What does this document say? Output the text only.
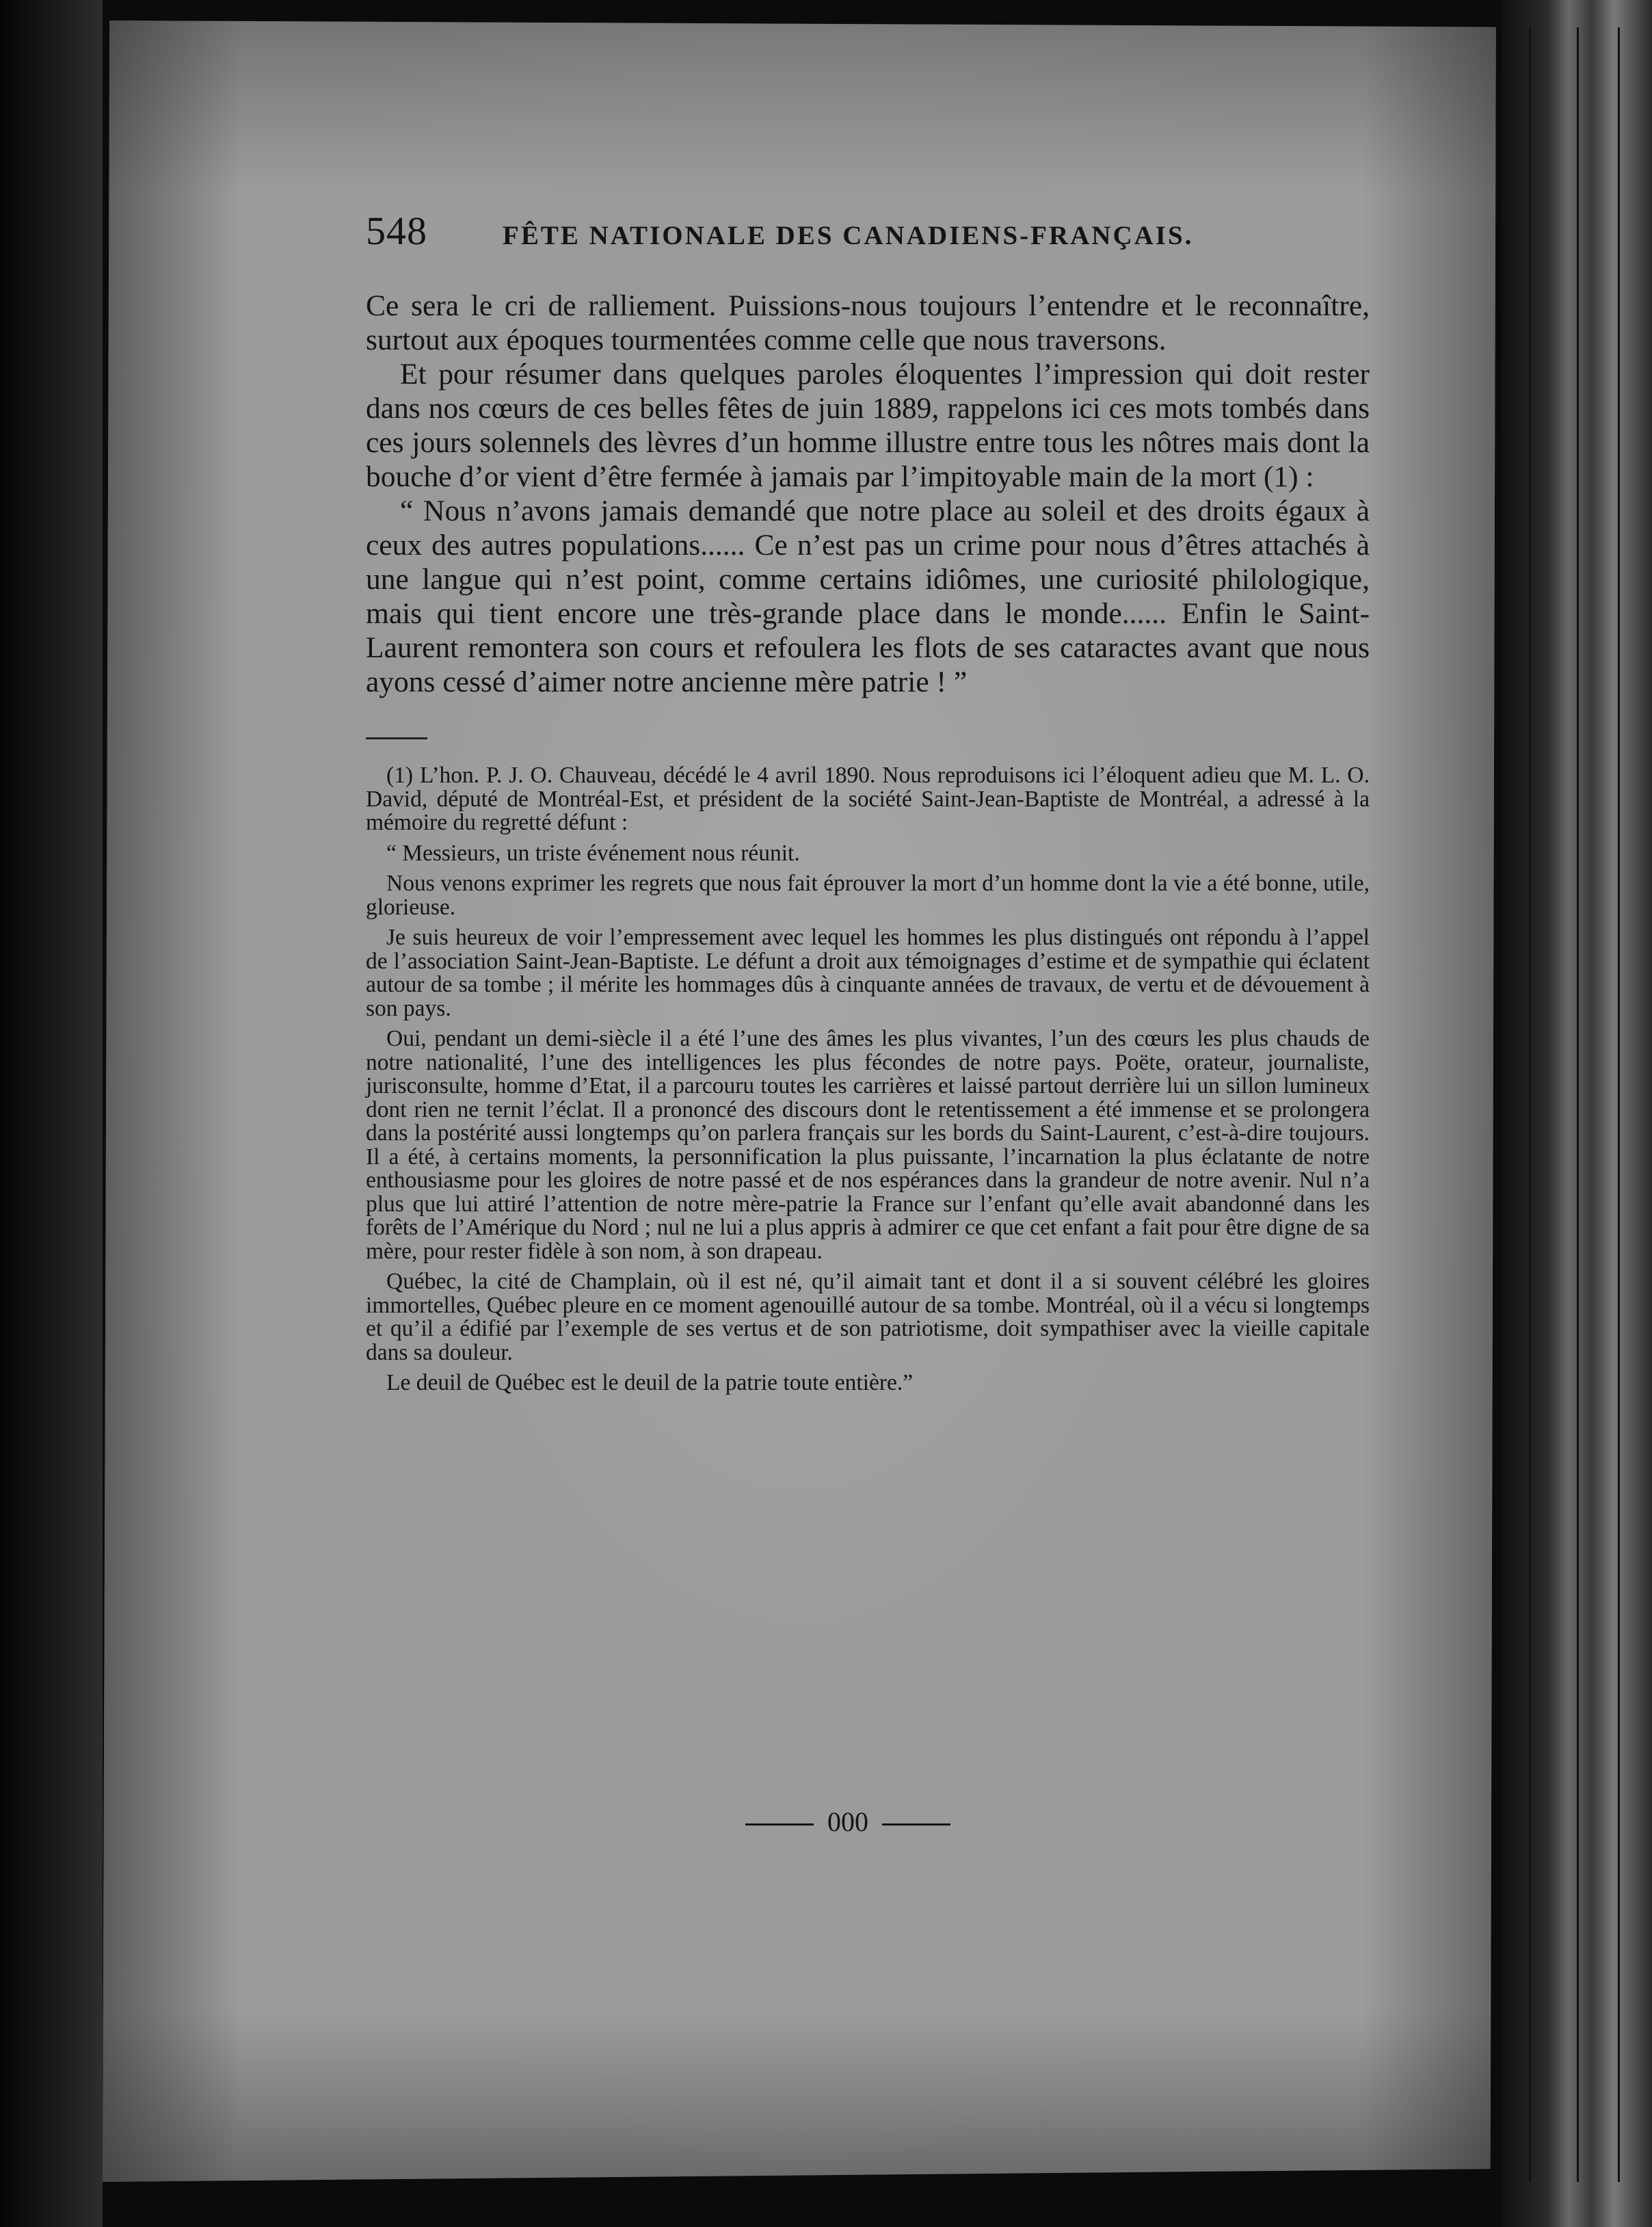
548	FÊTE NATIONALE DES CANADIENS-FRANÇAIS.

Ce sera le cri de ralliement. Puissions-nous toujours l’entendre et le reconnaître, surtout aux époques tourmentées comme celle que nous traversons.

Et pour résumer dans quelques paroles éloquentes l’impression qui doit rester dans nos cœurs de ces belles fêtes de juin 1889, rappelons ici ces mots tombés dans ces jours solennels des lèvres d’un homme illustre entre tous les nôtres mais dont la bouche d’or vient d’être fermée à jamais par l’impitoyable main de la mort (1) :

“ Nous n’avons jamais demandé que notre place au soleil et des droits égaux à ceux des autres populations...... Ce n’est pas un crime pour nous d’êtres attachés à une langue qui n’est point, comme certains idiômes, une curiosité philologique, mais qui tient encore une très-grande place dans le monde...... Enfin le Saint-Laurent remontera son cours et refoulera les flots de ses cataractes avant que nous ayons cessé d’aimer notre ancienne mère patrie ! ”

(1) L’hon. P. J. O. Chauveau, décédé le 4 avril 1890. Nous reproduisons ici l’éloquent adieu que M. L. O. David, député de Montréal-Est, et président de la société Saint-Jean-Baptiste de Montréal, a adressé à la mémoire du regretté défunt :

“ Messieurs, un triste événement nous réunit.

Nous venons exprimer les regrets que nous fait éprouver la mort d’un homme dont la vie a été bonne, utile, glorieuse.

Je suis heureux de voir l’empressement avec lequel les hommes les plus distingués ont répondu à l’appel de l’association Saint-Jean-Baptiste. Le défunt a droit aux témoignages d’estime et de sympathie qui éclatent autour de sa tombe ; il mérite les hommages dûs à cinquante années de travaux, de vertu et de dévouement à son pays.

Oui, pendant un demi-siècle il a été l’une des âmes les plus vivantes, l’un des cœurs les plus chauds de notre nationalité, l’une des intelligences les plus fécondes de notre pays. Poëte, orateur, journaliste, jurisconsulte, homme d’Etat, il a parcouru toutes les carrières et laissé partout derrière lui un sillon lumineux dont rien ne ternit l’éclat. Il a prononcé des discours dont le retentissement a été immense et se prolongera dans la postérité aussi longtemps qu’on parlera français sur les bords du Saint-Laurent, c’est-à-dire toujours. Il a été, à certains moments, la personnification la plus puissante, l’incarnation la plus éclatante de notre enthousiasme pour les gloires de notre passé et de nos espérances dans la grandeur de notre avenir. Nul n’a plus que lui attiré l’attention de notre mère-patrie la France sur l’enfant qu’elle avait abandonné dans les forêts de l’Amérique du Nord ; nul ne lui a plus appris à admirer ce que cet enfant a fait pour être digne de sa mère, pour rester fidèle à son nom, à son drapeau.

Québec, la cité de Champlain, où il est né, qu’il aimait tant et dont il a si souvent célébré les gloires immortelles, Québec pleure en ce moment agenouillé autour de sa tombe. Montréal, où il a vécu si longtemps et qu’il a édifié par l’exemple de ses vertus et de son patriotisme, doit sympathiser avec la vieille capitale dans sa douleur.

Le deuil de Québec est le deuil de la patrie toute entière.”

000
